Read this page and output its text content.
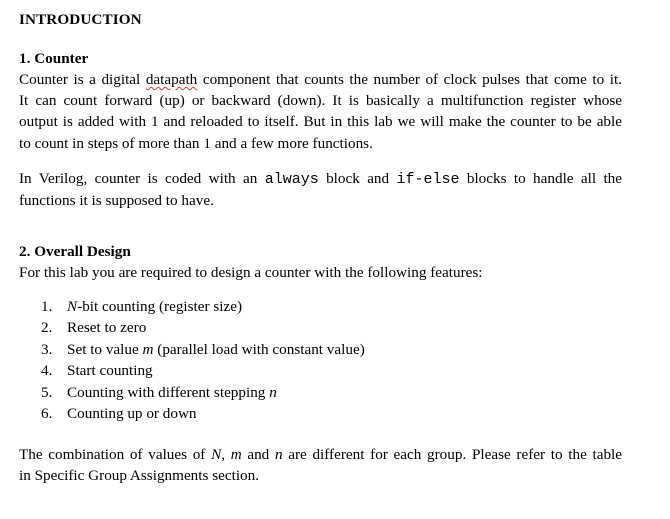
INTRODUCTION
1. Counter
Counter is a digital datapath component that counts the number of clock pulses that come to it.
It can count forward (up) or backward (down). It is basically a multifunction register whose
output is added with 1 and reloaded to itself. But in this lab we will make the counter to be able
to count in steps of more than 1 and a few more functions.
In Verilog, counter is coded with an always block and if-else blocks to handle all the
functions it is supposed to have.
2. Overall Design
For this lab you are required to design a counter with the following features:
1. N-bit counting (register size)
2. Reset to zero
3. Set to value m (parallel load with constant value)
4. Start counting
5. Counting with different stepping n
6. Counting up or down
The combination of values of N, m and n are different for each group. Please refer to the table
in Specific Group Assignments section.
